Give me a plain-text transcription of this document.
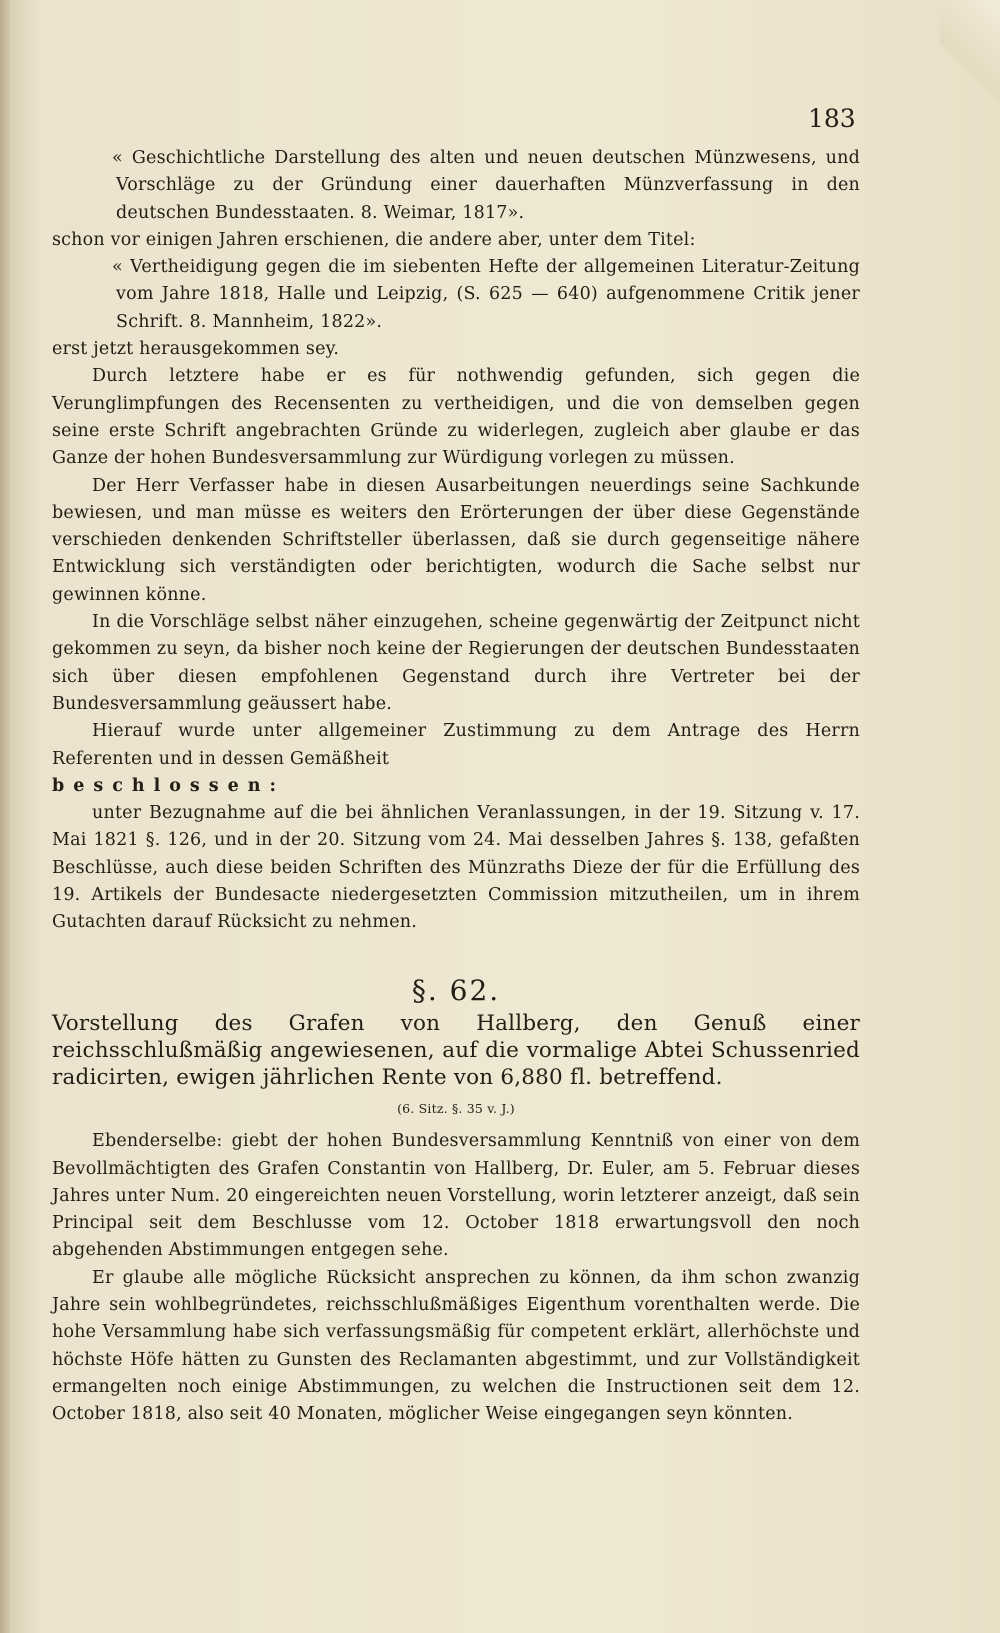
183

« Geschichtliche Darstellung des alten und neuen deutschen Münzwesens, und Vorschläge zu der Gründung einer dauerhaften Münzverfassung in den deutschen Bundesstaaten. 8. Weimar, 1817».

schon vor einigen Jahren erschienen, die andere aber, unter dem Titel:

« Vertheidigung gegen die im siebenten Hefte der allgemeinen Literatur-Zeitung vom Jahre 1818, Halle und Leipzig, (S. 625 — 640) aufgenommene Critik jener Schrift. 8. Mannheim, 1822».

erst jetzt herausgekommen sey.

Durch letztere habe er es für nothwendig gefunden, sich gegen die Verunglimpfungen des Recensenten zu vertheidigen, und die von demselben gegen seine erste Schrift angebrachten Gründe zu widerlegen, zugleich aber glaube er das Ganze der hohen Bundesversammlung zur Würdigung vorlegen zu müssen.

Der Herr Verfasser habe in diesen Ausarbeitungen neuerdings seine Sachkunde bewiesen, und man müsse es weiters den Erörterungen der über diese Gegenstände verschieden denkenden Schriftsteller überlassen, daß sie durch gegenseitige nähere Entwicklung sich verständigten oder berichtigten, wodurch die Sache selbst nur gewinnen könne.

In die Vorschläge selbst näher einzugehen, scheine gegenwärtig der Zeitpunct nicht gekommen zu seyn, da bisher noch keine der Regierungen der deutschen Bundesstaaten sich über diesen empfohlenen Gegenstand durch ihre Vertreter bei der Bundesversammlung geäussert habe.

Hierauf wurde unter allgemeiner Zustimmung zu dem Antrage des Herrn Referenten und in dessen Gemäßheit

beschlossen:

unter Bezugnahme auf die bei ähnlichen Veranlassungen, in der 19. Sitzung v. 17. Mai 1821 §. 126, und in der 20. Sitzung vom 24. Mai desselben Jahres §. 138, gefaßten Beschlüsse, auch diese beiden Schriften des Münzraths Dieze der für die Erfüllung des 19. Artikels der Bundesacte niedergesetzten Commission mitzutheilen, um in ihrem Gutachten darauf Rücksicht zu nehmen.

§. 62.

Vorstellung des Grafen von Hallberg, den Genuß einer reichsschlußmäßig angewiesenen, auf die vormalige Abtei Schussenried radicirten, ewigen jährlichen Rente von 6,880 fl. betreffend.

(6. Sitz. §. 35 v. J.)

Ebenderselbe: giebt der hohen Bundesversammlung Kenntniß von einer von dem Bevollmächtigten des Grafen Constantin von Hallberg, Dr. Euler, am 5. Februar dieses Jahres unter Num. 20 eingereichten neuen Vorstellung, worin letzterer anzeigt, daß sein Principal seit dem Beschlusse vom 12. October 1818 erwartungsvoll den noch abgehenden Abstimmungen entgegen sehe.

Er glaube alle mögliche Rücksicht ansprechen zu können, da ihm schon zwanzig Jahre sein wohlbegründetes, reichsschlußmäßiges Eigenthum vorenthalten werde. Die hohe Versammlung habe sich verfassungsmäßig für competent erklärt, allerhöchste und höchste Höfe hätten zu Gunsten des Reclamanten abgestimmt, und zur Vollständigkeit ermangelten noch einige Abstimmungen, zu welchen die Instructionen seit dem 12. October 1818, also seit 40 Monaten, möglicher Weise eingegangen seyn könnten.
